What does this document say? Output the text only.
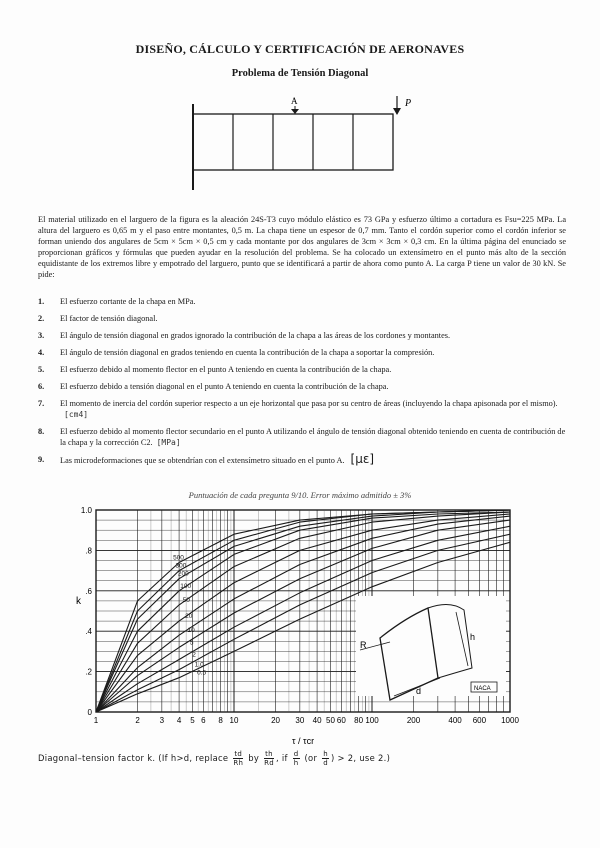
DISEÑO, CÁLCULO Y CERTIFICACIÓN DE AERONAVES
Problema de Tensión Diagonal
A	P
El material utilizado en el larguero de la figura es la aleación 24S-T3 cuyo módulo elástico es 73 GPa y esfuerzo último a cortadura es Fsu=225 MPa. La altura del larguero es 0,65 m y el paso entre montantes, 0,5 m. La chapa tiene un espesor de 0,7 mm. Tanto el cordón superior como el cordón inferior se forman uniendo dos angulares de 5cm × 5cm × 0,5 cm y cada montante por dos angulares de 3cm × 3cm × 0,3 cm. En la última página del enunciado se proporcionan gráficos y fórmulas que pueden ayudar en la resolución del problema. Se ha colocado un extensímetro en el punto más alto de la sección equidistante de los extremos libre y empotrado del larguero, punto que se identificará a partir de ahora como punto A. La carga P tiene un valor de 30 kN. Se pide:
1. El esfuerzo cortante de la chapa en MPa.
2. El factor de tensión diagonal.
3. El ángulo de tensión diagonal en grados ignorado la contribución de la chapa a las áreas de los cordones y montantes.
4. El ángulo de tensión diagonal en grados teniendo en cuenta la contribución de la chapa a soportar la compresión.
5. El esfuerzo debido al momento flector en el punto A teniendo en cuenta la contribución de la chapa.
6. El esfuerzo debido a tensión diagonal en el punto A teniendo en cuenta la contribución de la chapa.
7. El momento de inercia del cordón superior respecto a un eje horizontal que pasa por su centro de áreas (incluyendo la chapa apisonada por el mismo).[cm4]
8. El esfuerzo debido al momento flector secundario en el punto A utilizando el ángulo de tensión diagonal obtenido teniendo en cuenta de contribución de la chapa y la corrección C2. [MPa]
9. Las microdeformaciones que se obtendrían con el extensímetro situado en el punto A. [με]
Puntuación de cada pregunta 9/10. Error máximo admitido ± 3%
500
300
200
100
50
20
10
5
2
1.0
0.5
1	2 3 4 5 6 8 10	20 30 40 50 60 80 100	200	400 600 1000
0
.2
.4
.6
.8
1.0
R
d
h
NACA
k
τ / τcr
Diagonal–tension factor k. (If h>d, replace $\frac{td}{Rh}$ by $\frac{th}{Rd}$ , if $\frac{d}{h} (or \frac{h}{d}$ ) > 2, use 2.)
